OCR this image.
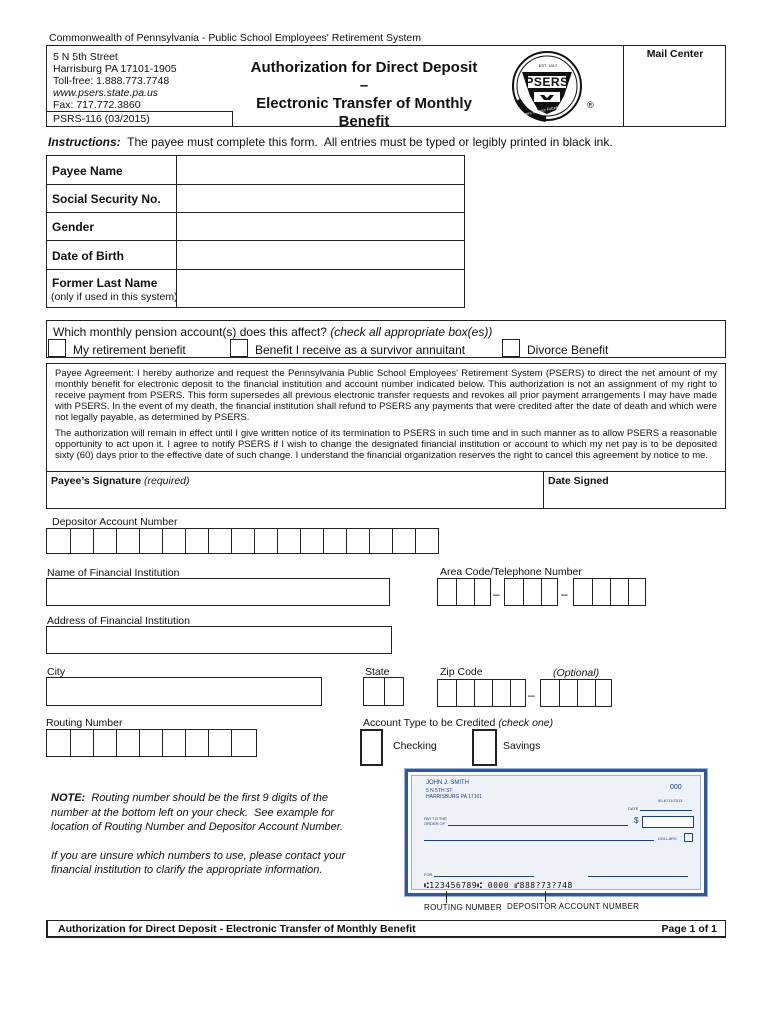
Commonwealth of Pennsylvania - Public School Employees' Retirement System
5 N 5th Street
Harrisburg PA 17101-1905
Toll-free: 1.888.773.7748
www.psers.state.pa.us
Fax: 717.772.3860
PSRS-116 (03/2015)
Authorization for Direct Deposit –
Electronic Transfer of Monthly
Benefit
PSERS
EST. 1917
Partners for your Future	®
Mail Center
Instructions:  The payee must complete this form.  All entries must be typed or legibly printed in black ink.
Payee Name
Social Security No.
Gender
Date of Birth
Former Last Name
(only if used in this system)
Which monthly pension account(s) does this affect? (check all appropriate box(es))
My retirement benefit	Benefit I receive as a survivor annuitant	Divorce Benefit
Payee Agreement: I hereby authorize and request the Pennsylvania Public School Employees' Retirement System (PSERS) to direct the net amount of my monthly benefit for electronic deposit to the financial institution and account number indicated below. This authorization is not an assignment of my right to receive payment from PSERS. This form supersedes all previous electronic transfer requests and revokes all prior payment arrangements I may have made with PSERS. In the event of my death, the financial institution shall refund to PSERS any payments that were credited after the date of death and which were not legally payable, as determined by PSERS.
The authorization will remain in effect until I give written notice of its termination to PSERS in such time and in such manner as to allow PSERS a reasonable opportunity to act upon it. I agree to notify PSERS if I wish to change the designated financial institution or account to which my net pay is to be deposited sixty (60) days prior to the effective date of such change. I understand the financial organization reserves the right to cancel this agreement by notice to me.
Payee’s Signature (required)	Date Signed
Depositor Account Number
Name of Financial Institution	Area Code/Telephone Number
–	–
Address of Financial Institution
City	State	Zip Code	(Optional)
–
Routing Number	Account Type to be Credited (check one)
Checking	Savings
NOTE:  Routing number should be the first 9 digits of the number at the bottom left on your check.  See example for location of Routing Number and Depositor Account Number.
If you are unsure which numbers to use, please contact your financial institution to clarify the appropriate information.
JOHN J. SMITH
5 N 5TH ST
HARRISBURG PA 17101
000
00-6711/2313
DATE
PAY TO THE
ORDER OF	$
DOLLARS
FOR
⑆123456789⑆ 0000 ⑈888?73?748
ROUTING NUMBER DEPOSITOR ACCOUNT NUMBER
Authorization for Direct Deposit - Electronic Transfer of Monthly Benefit	Page 1 of 1
